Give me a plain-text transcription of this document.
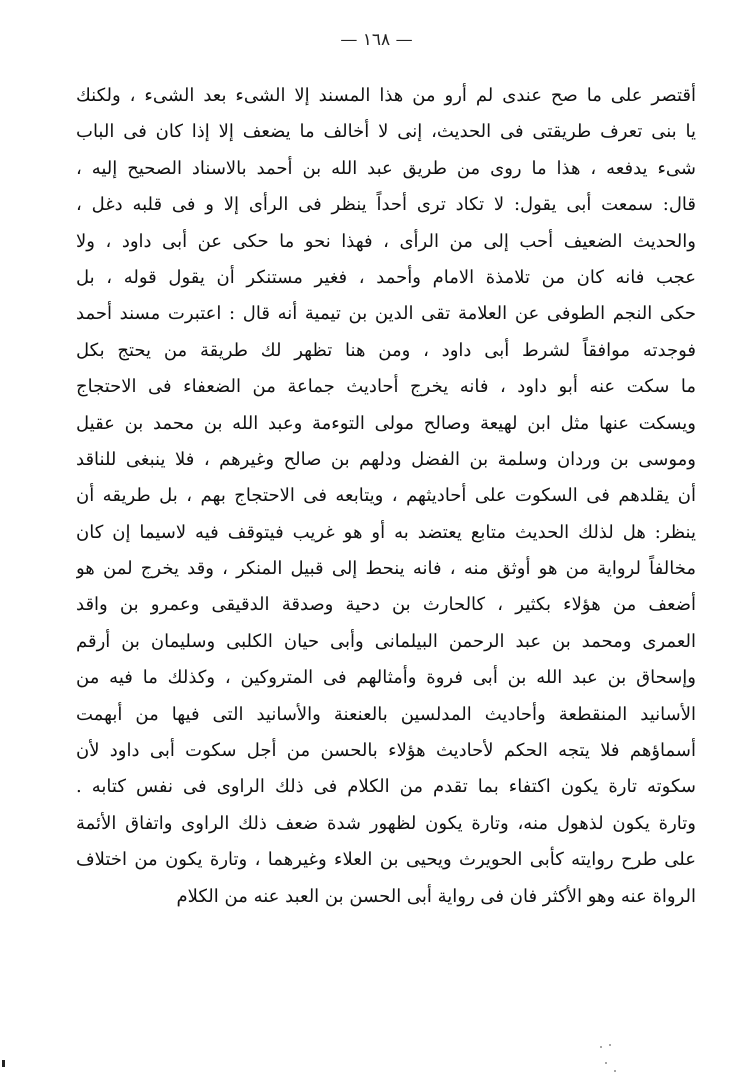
— ١٦٨ —
أقتصر على ما صح عندى لم أرو من هذا المسند إلا الشىء بعد الشىء ، ولكنك
يا بنى تعرف طريقتى فى الحديث، إنى لا أخالف ما يضعف إلا إذا كان فى الباب
شىء يدفعه ، هذا ما روى من طريق عبد الله بن أحمد بالاسناد الصحيح إليه ،
قال: سمعت أبى يقول: لا تكاد ترى أحداً ينظر فى الرأى إلا و فى قلبه دغل ،
والحديث الضعيف أحب إلى من الرأى ، فهذا نحو ما حكى عن أبى داود ، ولا
عجب فانه كان من تلامذة الامام وأحمد ، فغير مستنكر أن يقول قوله ، بل
حكى النجم الطوفى عن العلامة تقى الدين بن تيمية أنه قال : اعتبرت مسند أحمد
فوجدته موافقاً لشرط أبى داود ، ومن هنا تظهر لك طريقة من يحتج بكل
ما سكت عنه أبو داود ، فانه يخرج أحاديث جماعة من الضعفاء فى الاحتجاج
ويسكت عنها مثل ابن لهيعة وصالح مولى التوءمة وعبد الله بن محمد بن عقيل
وموسى بن وردان وسلمة بن الفضل ودلهم بن صالح وغيرهم ، فلا ينبغى للناقد
أن يقلدهم فى السكوت على أحاديثهم ، ويتابعه فى الاحتجاج بهم ، بل طريقه أن
ينظر: هل لذلك الحديث متابع يعتضد به أو هو غريب فيتوقف فيه لاسيما إن كان
مخالفاً لرواية من هو أوثق منه ، فانه ينحط إلى قبيل المنكر ، وقد يخرج لمن هو
أضعف من هؤلاء بكثير ، كالحارث بن دحية وصدقة الدقيقى وعمرو بن واقد
العمرى ومحمد بن عبد الرحمن البيلمانى وأبى حيان الكلبى وسليمان بن أرقم
وإسحاق بن عبد الله بن أبى فروة وأمثالهم فى المتروكين ، وكذلك ما فيه من
الأسانيد المنقطعة وأحاديث المدلسين بالعنعنة والأسانيد التى فيها من أبهمت
أسماؤهم فلا يتجه الحكم لأحاديث هؤلاء بالحسن من أجل سكوت أبى داود لأن
سكوته تارة يكون اكتفاء بما تقدم من الكلام فى ذلك الراوى فى نفس كتابه .
وتارة يكون لذهول منه، وتارة يكون لظهور شدة ضعف ذلك الراوى واتفاق الأئمة
على طرح روايته كأبى الحويرث ويحيى بن العلاء وغيرهما ، وتارة يكون من اختلاف
الرواة عنه وهو الأكثر فان فى رواية أبى الحسن بن العبد عنه من الكلام
